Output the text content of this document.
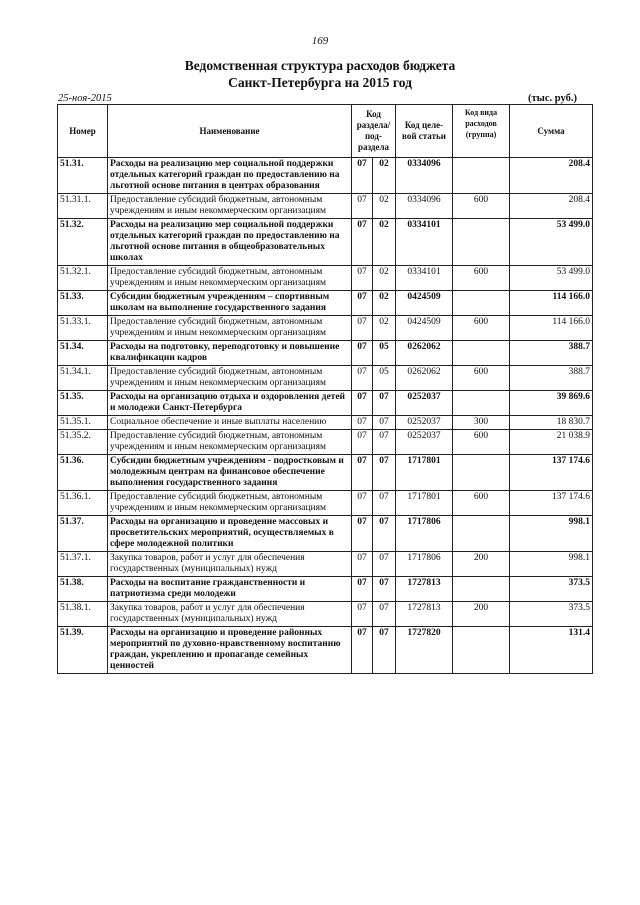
169
Ведомственная структура расходов бюджета
Санкт-Петербурга на 2015 год
25-ноя-2015	(тыс. руб.)
Номер	Наименование	Код раздела/ под- раздела		Код целе- вой статьи	Код вида расходов (группа)	Сумма
51.31.	Расходы на реализацию мер социальной поддержки отдельных категорий граждан по предоставлению на льготной основе питания в центрах образования	07	02	0334096		208.4
51.31.1.	Предоставление субсидий бюджетным, автономным учреждениям и иным некоммерческим организациям	07	02	0334096	600	208.4
51.32.	Расходы на реализацию мер социальной поддержки отдельных категорий граждан по предоставлению на льготной основе питания в общеобразовательных школах	07	02	0334101		53 499.0
51.32.1.	Предоставление субсидий бюджетным, автономным учреждениям и иным некоммерческим организациям	07	02	0334101	600	53 499.0
51.33.	Субсидии бюджетным учреждениям – спортивным школам на выполнение государственного задания	07	02	0424509		114 166.0
51.33.1.	Предоставление субсидий бюджетным, автономным учреждениям и иным некоммерческим организациям	07	02	0424509	600	114 166.0
51.34.	Расходы на подготовку, переподготовку и повышение квалификации кадров	07	05	0262062		388.7
51.34.1.	Предоставление субсидий бюджетным, автономным учреждениям и иным некоммерческим организациям	07	05	0262062	600	388.7
51.35.	Расходы на организацию отдыха и оздоровления детей и молодежи Санкт-Петербурга	07	07	0252037		39 869.6
51.35.1.	Социальное обеспечение и иные выплаты населению	07	07	0252037	300	18 830.7
51.35.2.	Предоставление субсидий бюджетным, автономным учреждениям и иным некоммерческим организациям	07	07	0252037	600	21 038.9
51.36.	Субсидии бюджетным учреждениям - подростковым и молодежным центрам на финансовое обеспечение выполнения государственного задания	07	07	1717801		137 174.6
51.36.1.	Предоставление субсидий бюджетным, автономным учреждениям и иным некоммерческим организациям	07	07	1717801	600	137 174.6
51.37.	Расходы на организацию и проведение массовых и просветительских мероприятий, осуществляемых в сфере молодежной политики	07	07	1717806		998.1
51.37.1.	Закупка товаров, работ и услуг для обеспечения государственных (муниципальных) нужд	07	07	1717806	200	998.1
51.38.	Расходы на воспитание гражданственности и патриотизма среди молодежи	07	07	1727813		373.5
51.38.1.	Закупка товаров, работ и услуг для обеспечения государственных (муниципальных) нужд	07	07	1727813	200	373.5
51.39.	Расходы на организацию и проведение районных мероприятий по духовно-нравственному воспитанию граждан, укреплению и пропаганде семейных ценностей	07	07	1727820		131.4
